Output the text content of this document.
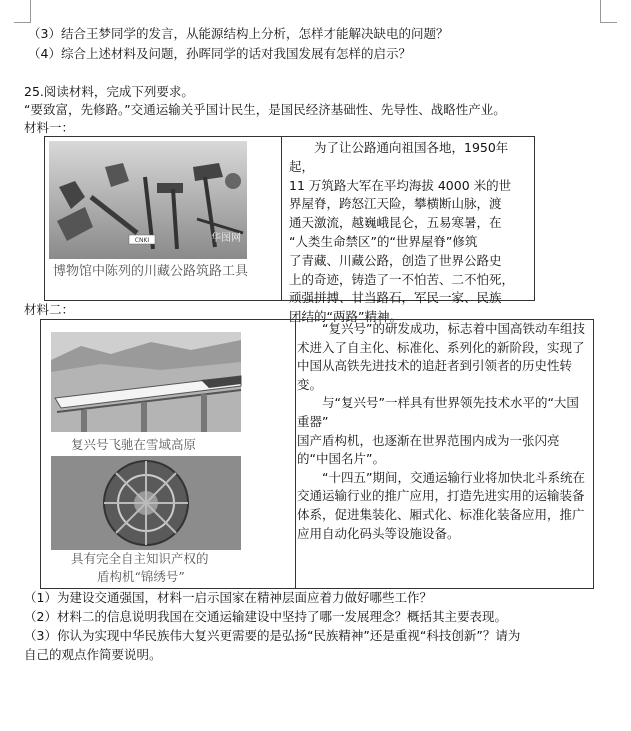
（3）结合王梦同学的发言，从能源结构上分析，怎样才能解决缺电的问题？
（4）综合上述材料及问题，孙晖同学的话对我国发展有怎样的启示？
25.阅读材料，完成下列要求。
“要致富，先修路。”交通运输关乎国计民生，是国民经济基础性、先导性、战略性产业。
材料一：
CNKI	华图网
博物馆中陈列的川藏公路筑路工具

为了让公路通向祖国各地，1950年起，

11 万筑路大军在平均海拔 4000 米的世

界屋脊，跨怒江天险，攀横断山脉，渡

通天激流，越巍峨昆仑，五易寒暑，在

“人类生命禁区”的“世界屋脊”修筑

了青藏、川藏公路，创造了世界公路史

上的奇迹，铸造了一不怕苦、二不怕死，

顽强拼搏、甘当路石，军民一家、民族

团结的“两路”精神。

材料二：
复兴号飞驰在雪域高原
具有完全自主知识产权的
盾构机“锦绣号”

“复兴号”的研发成功，标志着中国高铁动车组技术进入了自主化、标准化、系列化的新阶段，实现了中国从高铁先进技术的追赶者到引领者的历史性转变。

与“复兴号”一样具有世界领先技术水平的“大国重器”

国产盾构机，也逐渐在世界范围内成为一张闪亮的“中国名片”。

“十四五”期间，交通运输行业将加快北斗系统在交通运输行业的推广应用，打造先进实用的运输装备体系，促进集装化、厢式化、标准化装备应用，推广应用自动化码头等设施设备。

（1）为建设交通强国，材料一启示国家在精神层面应着力做好哪些工作？
（2）材料二的信息说明我国在交通运输建设中坚持了哪一发展理念？概括其主要表现。
（3）你认为实现中华民族伟大复兴更需要的是弘扬“民族精神”还是重视“科技创新”？请为
自己的观点作简要说明。
